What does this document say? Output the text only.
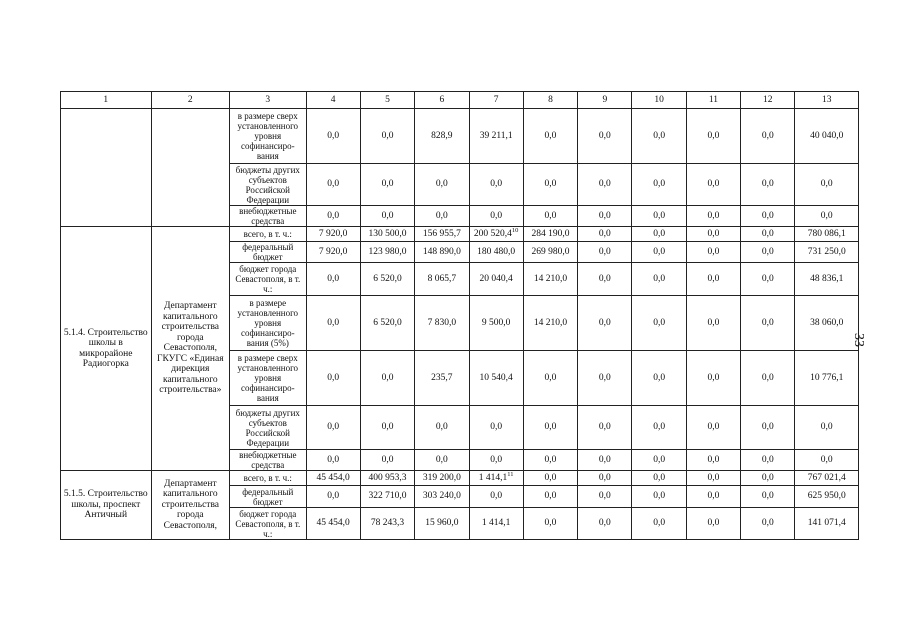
1	2	3	4	5	6	7	8	9	10	11	12	13
		в размере сверх установленного уровня софинансиро-вания	0,0	0,0	828,9	39 211,1	0,0	0,0	0,0	0,0	0,0	40 040,0
		бюджеты других субъектов Российской Федерации	0,0	0,0	0,0	0,0	0,0	0,0	0,0	0,0	0,0	0,0
		внебюджетные средства	0,0	0,0	0,0	0,0	0,0	0,0	0,0	0,0	0,0	0,0
5.1.4. Строительство школы в микрорайоне Радиогорка	Департамент капитального строительства города Севастополя, ГКУГС «Единая дирекция капитального строительства»	всего, в т. ч.:	7 920,0	130 500,0	156 955,7	200 520,4$^{10}$	284 190,0	0,0	0,0	0,0	0,0	780 086,1
		федеральный бюджет	7 920,0	123 980,0	148 890,0	180 480,0	269 980,0	0,0	0,0	0,0	0,0	731 250,0
		бюджет города Севастополя, в т. ч.:	0,0	6 520,0	8 065,7	20 040,4	14 210,0	0,0	0,0	0,0	0,0	48 836,1
		в размере установленного уровня софинансиро-вания (5%)	0,0	6 520,0	7 830,0	9 500,0	14 210,0	0,0	0,0	0,0	0,0	38 060,0
		в размере сверх установленного уровня софинансиро-вания	0,0	0,0	235,7	10 540,4	0,0	0,0	0,0	0,0	0,0	10 776,1
		бюджеты других субъектов Российской Федерации	0,0	0,0	0,0	0,0	0,0	0,0	0,0	0,0	0,0	0,0
		внебюджетные средства	0,0	0,0	0,0	0,0	0,0	0,0	0,0	0,0	0,0	0,0
5.1.5. Строительство школы, проспект Античный	Департамент капитального строительства города Севастополя,	всего, в т. ч.:	45 454,0	400 953,3	319 200,0	1 414,1$^{11}$	0,0	0,0	0,0	0,0	0,0	767 021,4
		федеральный бюджет	0,0	322 710,0	303 240,0	0,0	0,0	0,0	0,0	0,0	0,0	625 950,0
		бюджет города Севастополя, в т. ч.:	45 454,0	78 243,3	15 960,0	1 414,1	0,0	0,0	0,0	0,0	0,0	141 071,4
33
